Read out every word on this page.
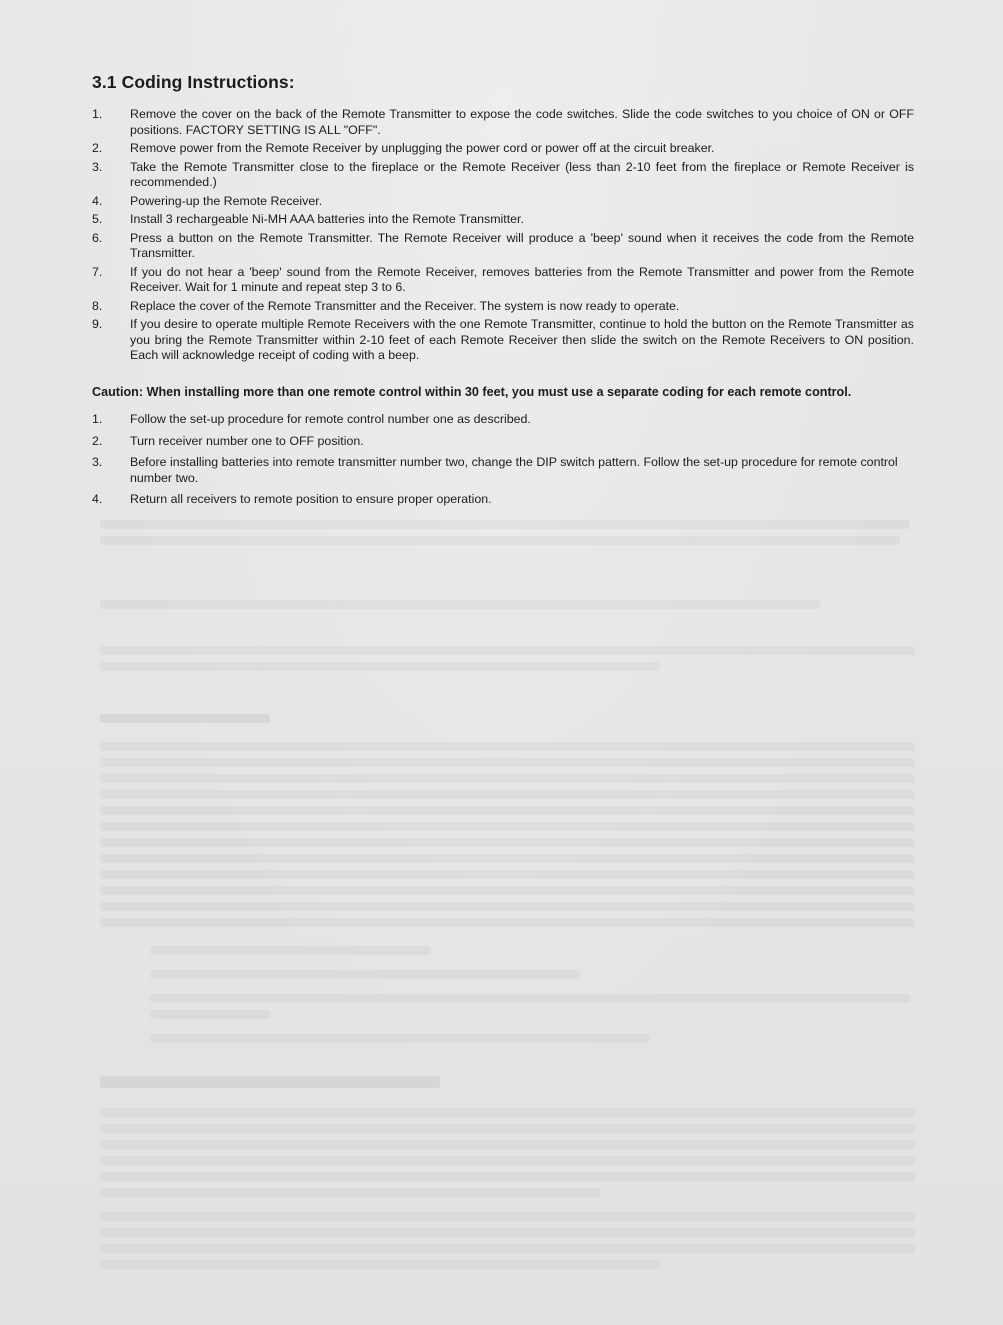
3.1 Coding Instructions:
1. Remove the cover on the back of the Remote Transmitter to expose the code switches. Slide the code switches to you choice of ON or OFF positions. FACTORY SETTING IS ALL "OFF".
2. Remove power from the Remote Receiver by unplugging the power cord or power off at the circuit breaker.
3. Take the Remote Transmitter close to the fireplace or the Remote Receiver (less than 2-10 feet from the fireplace or Remote Receiver is recommended.)
4. Powering-up the Remote Receiver.
5. Install 3 rechargeable Ni-MH AAA batteries into the Remote Transmitter.
6. Press a button on the Remote Transmitter. The Remote Receiver will produce a 'beep' sound when it receives the code from the Remote Transmitter.
7. If you do not hear a 'beep' sound from the Remote Receiver, removes batteries from the Remote Transmitter and power from the Remote Receiver. Wait for 1 minute and repeat step 3 to 6.
8. Replace the cover of the Remote Transmitter and the Receiver. The system is now ready to operate.
9. If you desire to operate multiple Remote Receivers with the one Remote Transmitter, continue to hold the button on the Remote Transmitter as you bring the Remote Transmitter within 2-10 feet of each Remote Receiver then slide the switch on the Remote Receivers to ON position. Each will acknowledge receipt of coding with a beep.

Caution: When installing more than one remote control within 30 feet, you must use a separate coding for each remote control.

1. Follow the set-up procedure for remote control number one as described.
2. Turn receiver number one to OFF position.
3. Before installing batteries into remote transmitter number two, change the DIP switch pattern. Follow the set-up procedure for remote control number two.
4. Return all receivers to remote position to ensure proper operation.
